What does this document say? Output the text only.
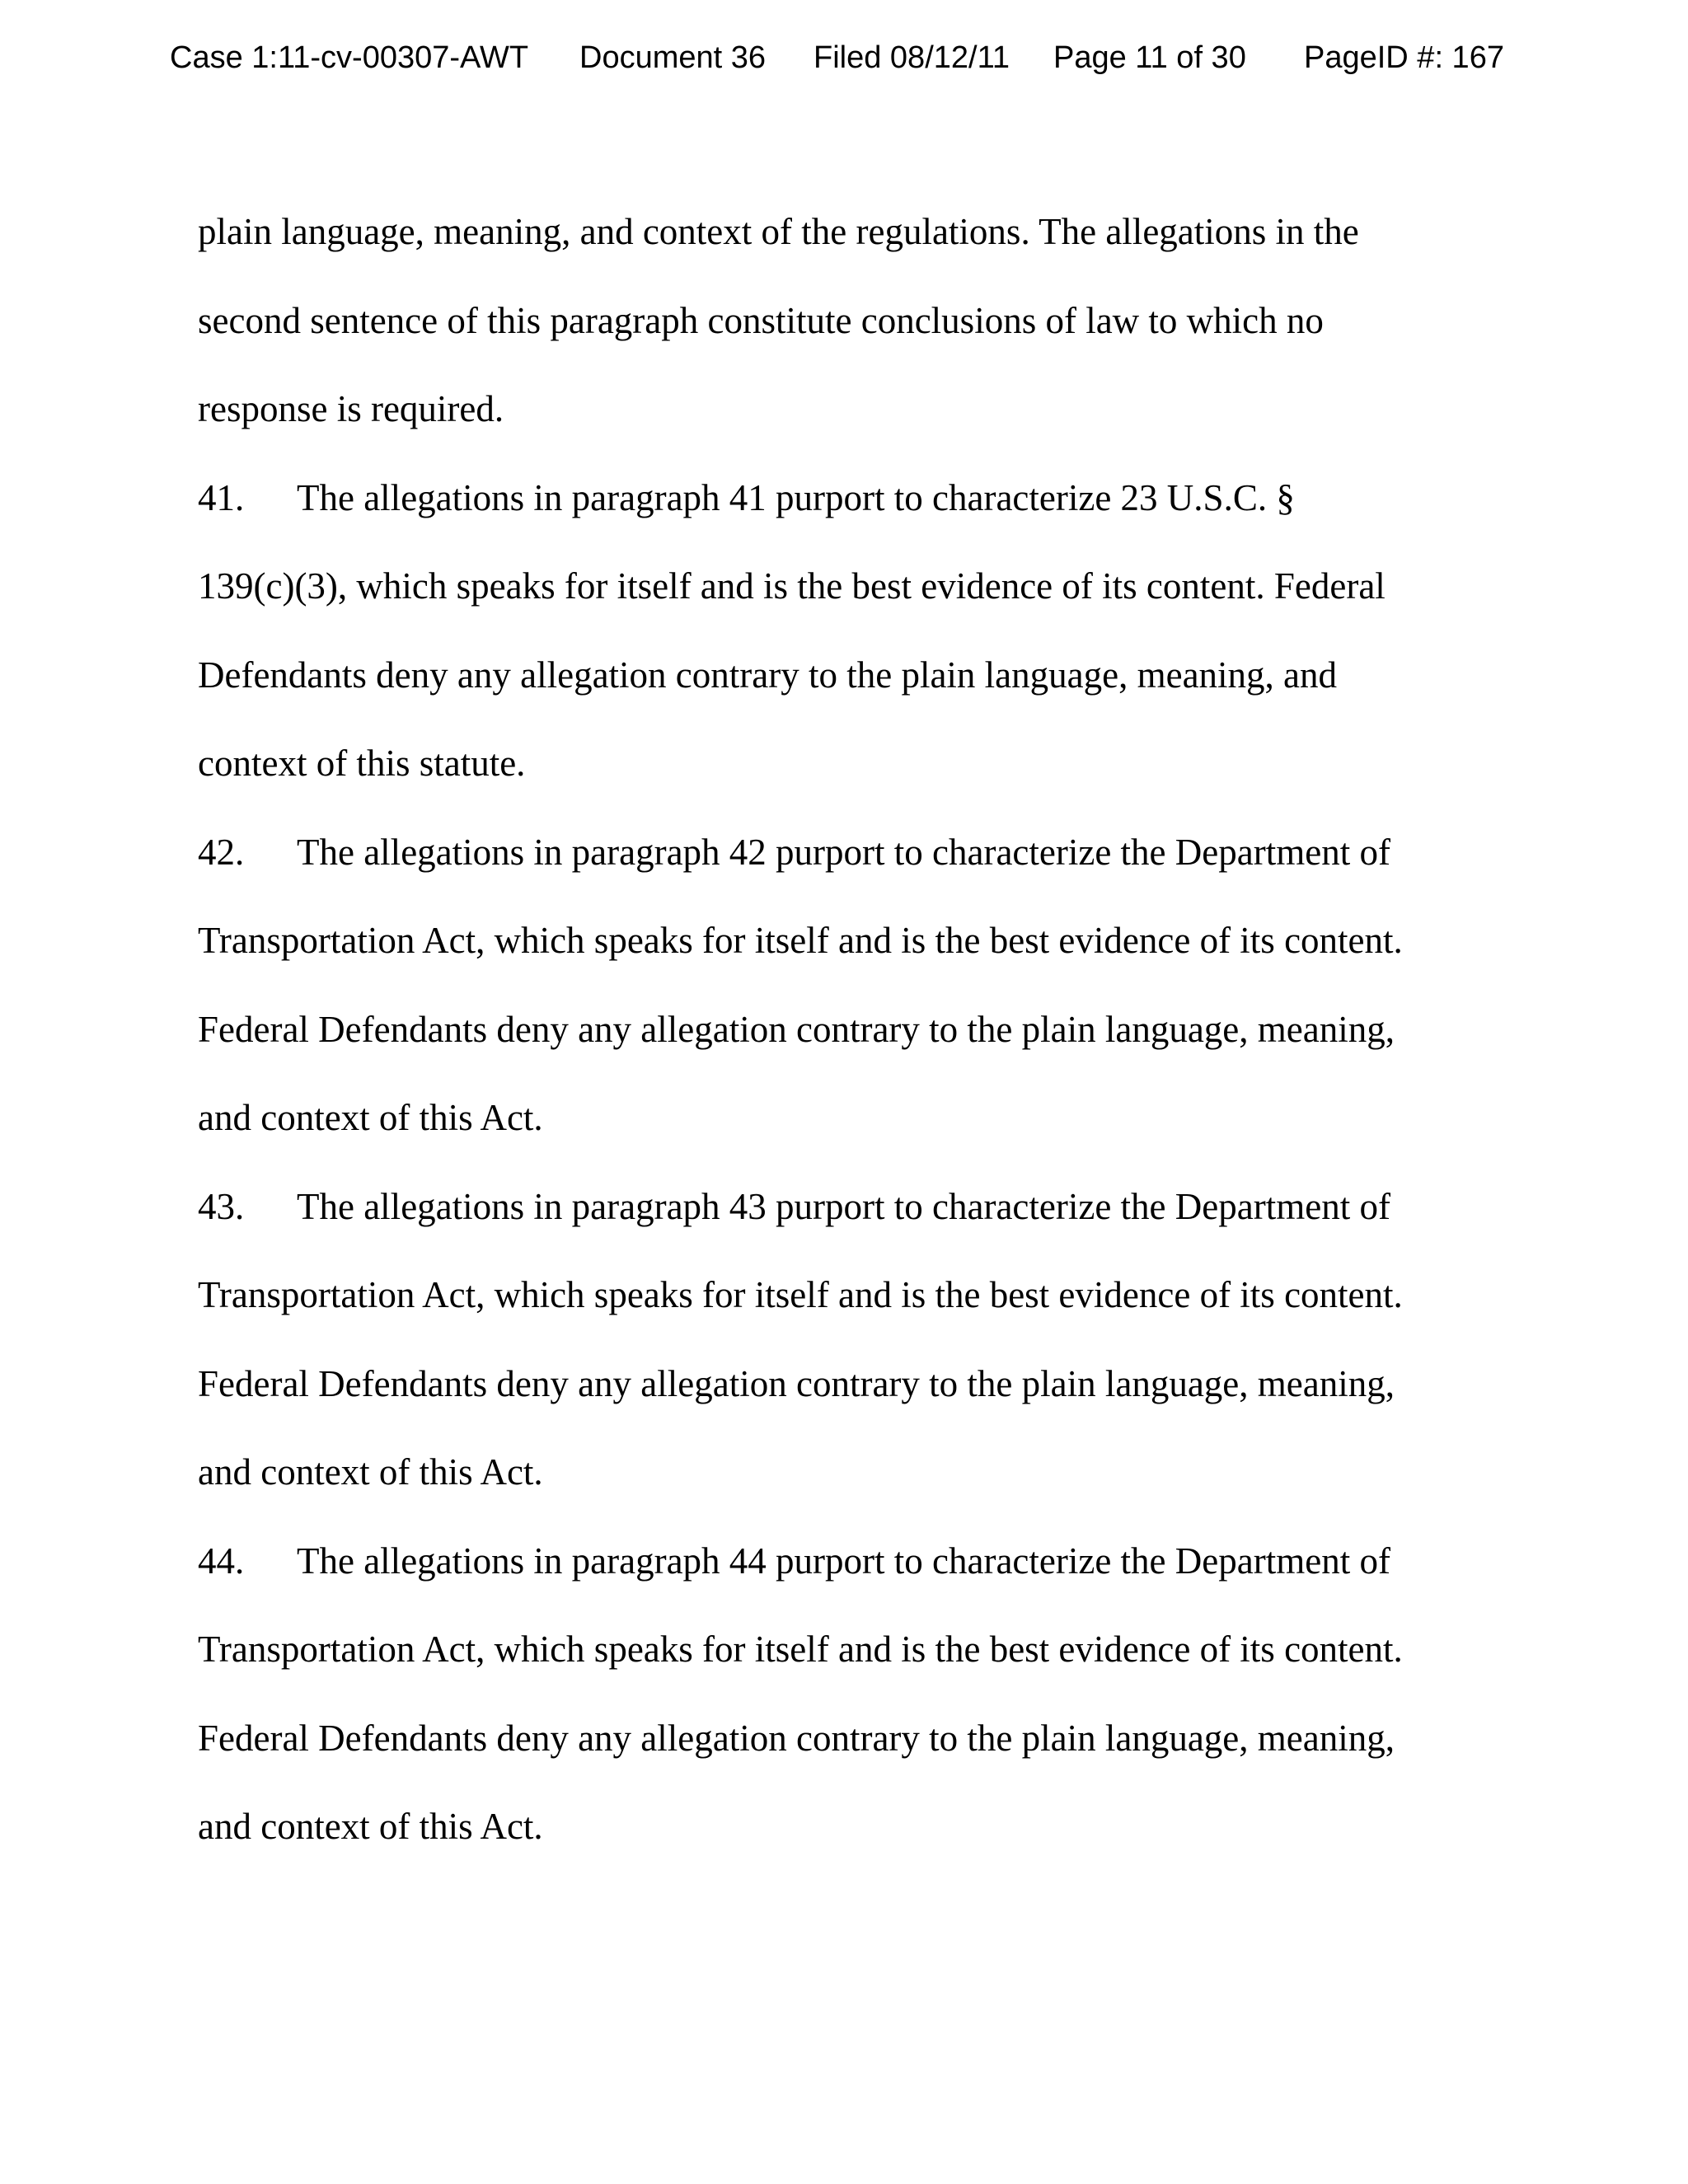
Case 1:11-cv-00307-AWT Document 36 Filed 08/12/11 Page 11 of 30 PageID #: 167
plain language, meaning, and context of the regulations. The allegations in the
second sentence of this paragraph constitute conclusions of law to which no
response is required.
41. The allegations in paragraph 41 purport to characterize 23 U.S.C. §
139(c)(3), which speaks for itself and is the best evidence of its content. Federal
Defendants deny any allegation contrary to the plain language, meaning, and
context of this statute.
42. The allegations in paragraph 42 purport to characterize the Department of
Transportation Act, which speaks for itself and is the best evidence of its content.
Federal Defendants deny any allegation contrary to the plain language, meaning,
and context of this Act.
43. The allegations in paragraph 43 purport to characterize the Department of
Transportation Act, which speaks for itself and is the best evidence of its content.
Federal Defendants deny any allegation contrary to the plain language, meaning,
and context of this Act.
44. The allegations in paragraph 44 purport to characterize the Department of
Transportation Act, which speaks for itself and is the best evidence of its content.
Federal Defendants deny any allegation contrary to the plain language, meaning,
and context of this Act.
